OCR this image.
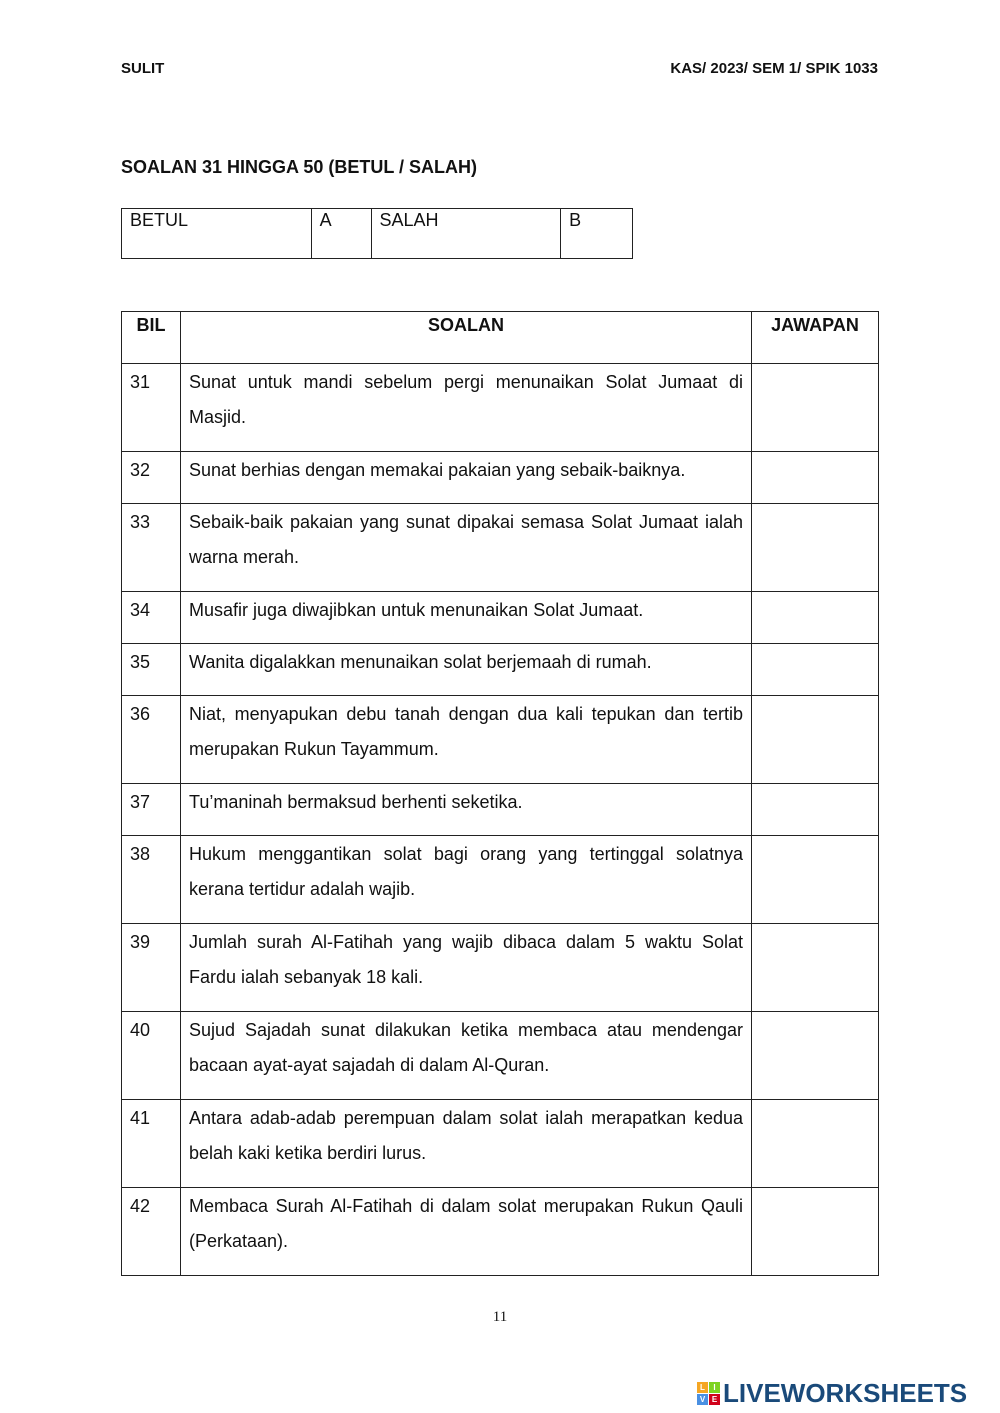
SULIT	KAS/ 2023/ SEM 1/ SPIK 1033
SOALAN 31 HINGGA 50 (BETUL / SALAH)
BETUL	A	SALAH	B
BIL	SOALAN	JAWAPAN
31	Sunat untuk mandi sebelum pergi menunaikan Solat Jumaat di Masjid.	
32	Sunat berhias dengan memakai pakaian yang sebaik-baiknya.	
33	Sebaik-baik pakaian yang sunat dipakai semasa Solat Jumaat ialah warna merah.	
34	Musafir juga diwajibkan untuk menunaikan Solat Jumaat.	
35	Wanita digalakkan menunaikan solat berjemaah di rumah.	
36	Niat, menyapukan debu tanah dengan dua kali tepukan dan tertib merupakan Rukun Tayammum.	
37	Tu’maninah bermaksud berhenti seketika.	
38	Hukum menggantikan solat bagi orang yang tertinggal solatnya kerana tertidur adalah wajib.	
39	Jumlah surah Al-Fatihah yang wajib dibaca dalam 5 waktu Solat Fardu ialah sebanyak 18 kali.	
40	Sujud Sajadah sunat dilakukan ketika membaca atau mendengar bacaan ayat-ayat sajadah di dalam Al-Quran.	
41	Antara adab-adab perempuan dalam solat ialah merapatkan kedua belah kaki ketika berdiri lurus.	
42	Membaca Surah Al-Fatihah di dalam solat merupakan Rukun Qauli (Perkataan).	
11
L	I
V E LIVEWORKSHEETS
